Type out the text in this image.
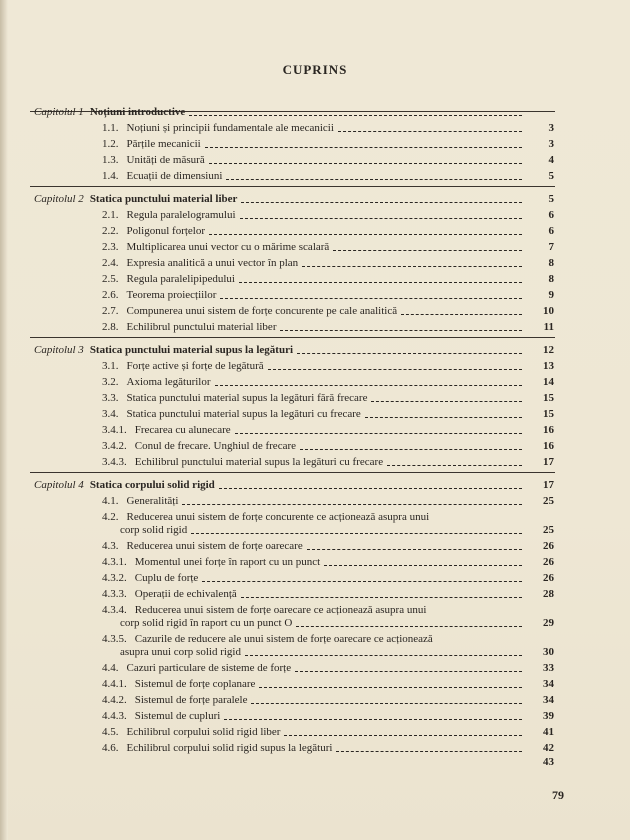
CUPRINS
Capitolul 1 Noțiuni introductive
1.1. Noțiuni și principii fundamentale ale mecanicii	3
1.2. Părțile mecanicii	3
1.3. Unități de măsură	4
1.4. Ecuații de dimensiuni	5
Capitolul 2 Statica punctului material liber	5
2.1. Regula paralelogramului	6
2.2. Poligonul forțelor	6
2.3. Multiplicarea unui vector cu o mărime scalară	7
2.4. Expresia analitică a unui vector în plan	8
2.5. Regula paralelipipedului	8
2.6. Teorema proiecțiilor	9
2.7. Compunerea unui sistem de forțe concurente pe cale analitică	10
2.8. Echilibrul punctului material liber	11
Capitolul 3 Statica punctului material supus la legături	12
3.1. Forțe active și forțe de legătură	13
3.2. Axioma legăturilor	14
3.3. Statica punctului material supus la legături fără frecare	15
3.4. Statica punctului material supus la legături cu frecare	15
3.4.1. Frecarea cu alunecare	16
3.4.2. Conul de frecare. Unghiul de frecare	16
3.4.3. Echilibrul punctului material supus la legături cu frecare	17
Capitolul 4 Statica corpului solid rigid	17
4.1. Generalități	25
4.2. Reducerea unui sistem de forțe concurente ce acționează asupra unui
corp solid rigid	25
4.3. Reducerea unui sistem de forțe oarecare	26
4.3.1. Momentul unei forțe în raport cu un punct	26
4.3.2. Cuplu de forțe	26
4.3.3. Operații de echivalență	28
4.3.4. Reducerea unui sistem de forțe oarecare ce acționează asupra unui
corp solid rigid în raport cu un punct O	29
4.3.5. Cazurile de reducere ale unui sistem de forțe oarecare ce acționează
asupra unui corp solid rigid	30
4.4. Cazuri particulare de sisteme de forțe	33
4.4.1. Sistemul de forțe coplanare	34
4.4.2. Sistemul de forțe paralele	34
4.4.3. Sistemul de cupluri	39
4.5. Echilibrul corpului solid rigid liber	41
4.6. Echilibrul corpului solid rigid supus la legături	42
43
79
